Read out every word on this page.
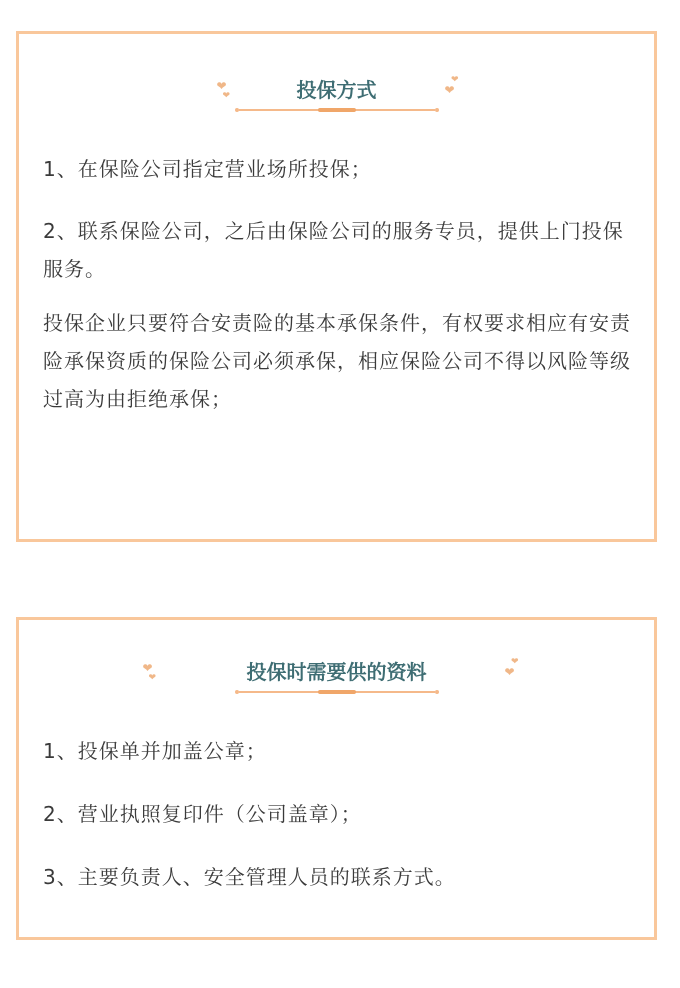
❤
❤	投保方式	❤
❤

1、在保险公司指定营业场所投保；

2、联系保险公司，之后由保险公司的服务专员，提供上门投保服务。

投保企业只要符合安责险的基本承保条件，有权要求相应有安责险承保资质的保险公司必须承保，相应保险公司不得以风险等级过高为由拒绝承保；

❤
❤	投保时需要供的资料	❤
❤

1、投保单并加盖公章；

2、营业执照复印件（公司盖章）；

3、主要负责人、安全管理人员的联系方式。
